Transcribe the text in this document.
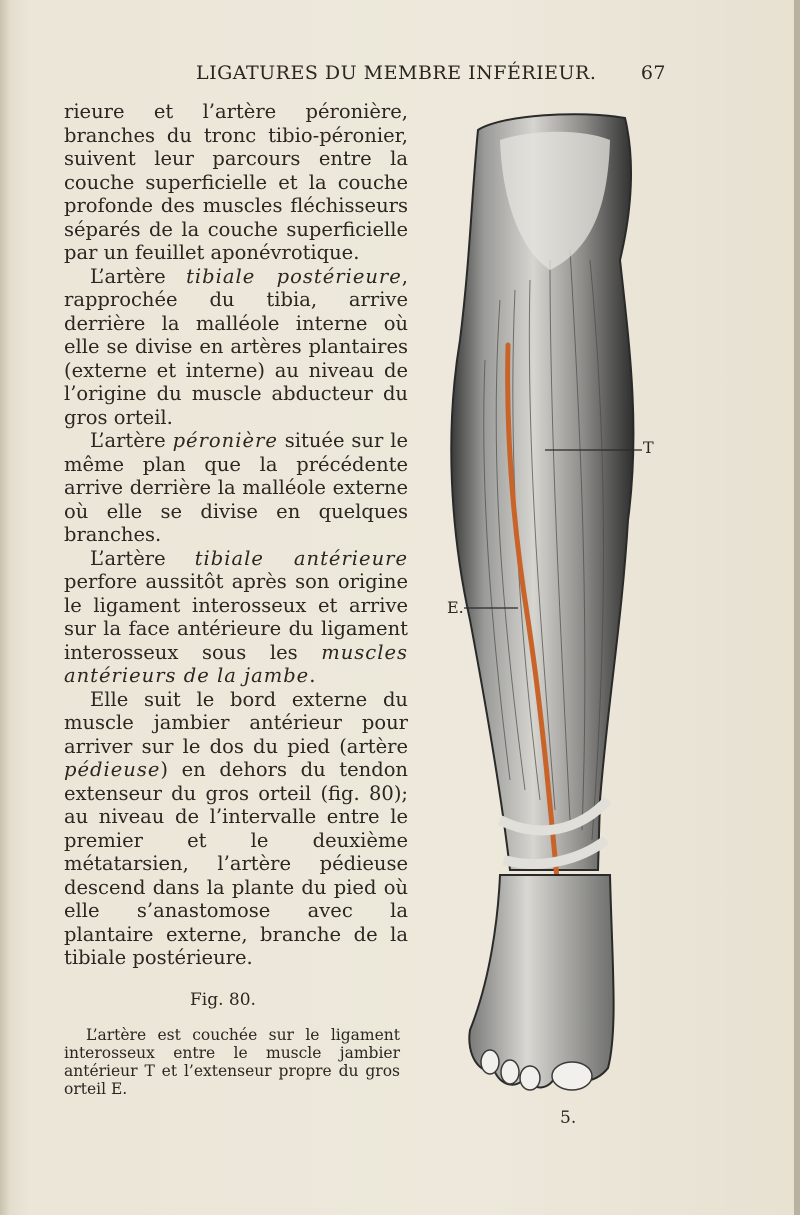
LIGATURES DU MEMBRE INFÉRIEUR. 67

rieure et l’artère péronière, branches du tronc tibio-péronier, suivent leur parcours entre la couche superficielle et la couche profonde des muscles fléchisseurs séparés de la couche superficielle par un feuillet aponévrotique.

L’artère tibiale postérieure, rapprochée du tibia, arrive derrière la malléole interne où elle se divise en artères plantaires (externe et interne) au niveau de l’origine du muscle abducteur du gros orteil.

L’artère péronière située sur le même plan que la précédente arrive derrière la malléole externe où elle se divise en quelques branches.

L’artère tibiale antérieure perfore aussitôt après son origine le ligament interosseux et arrive sur la face antérieure du ligament interosseux sous les muscles antérieurs de la jambe.

Elle suit le bord externe du muscle jambier antérieur pour arriver sur le dos du pied (artère pédieuse) en dehors du tendon extenseur du gros orteil (fig. 80); au niveau de l’intervalle entre le premier et le deuxième métatarsien, l’artère pédieuse descend dans la plante du pied où elle s’anastomose avec la plantaire externe, branche de la tibiale postérieure.

T
E.
Fig. 80.

L’artère est couchée sur le ligament interosseux entre le muscle jambier antérieur T et l’extenseur propre du gros orteil E.

5.
